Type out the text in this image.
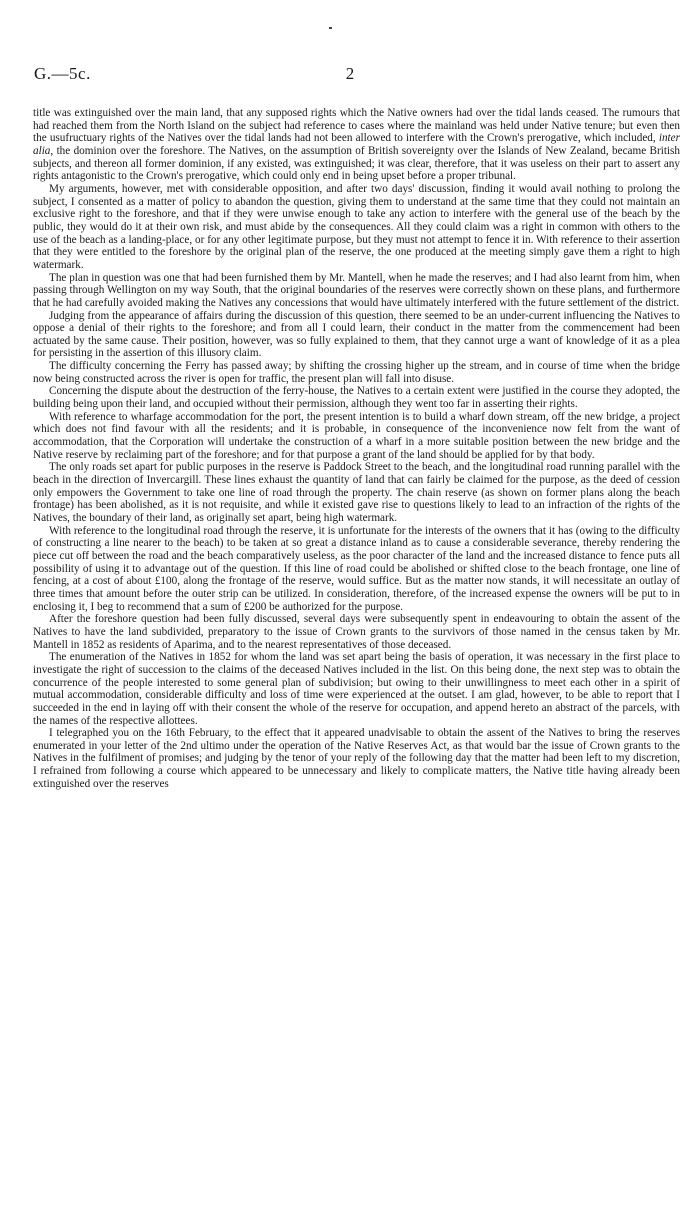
G.—5c.	2

title was extinguished over the main land, that any supposed rights which the Native owners had over the tidal lands ceased. The rumours that had reached them from the North Island on the subject had reference to cases where the mainland was held under Native tenure; but even then the usufructuary rights of the Natives over the tidal lands had not been allowed to interfere with the Crown's prerogative, which included, inter alia, the dominion over the foreshore. The Natives, on the assumption of British sovereignty over the Islands of New Zealand, became British subjects, and thereon all former dominion, if any existed, was extinguished; it was clear, therefore, that it was useless on their part to assert any rights antagonistic to the Crown's prerogative, which could only end in being upset before a proper tribunal.

My arguments, however, met with considerable opposition, and after two days' discussion, finding it would avail nothing to prolong the subject, I consented as a matter of policy to abandon the question, giving them to understand at the same time that they could not maintain an exclusive right to the foreshore, and that if they were unwise enough to take any action to interfere with the general use of the beach by the public, they would do it at their own risk, and must abide by the consequences. All they could claim was a right in common with others to the use of the beach as a landing-place, or for any other legitimate purpose, but they must not attempt to fence it in. With reference to their assertion that they were entitled to the foreshore by the original plan of the reserve, the one produced at the meeting simply gave them a right to high watermark.

The plan in question was one that had been furnished them by Mr. Mantell, when he made the reserves; and I had also learnt from him, when passing through Wellington on my way South, that the original boundaries of the reserves were correctly shown on these plans, and furthermore that he had carefully avoided making the Natives any concessions that would have ultimately interfered with the future settlement of the district.

Judging from the appearance of affairs during the discussion of this question, there seemed to be an under-current influencing the Natives to oppose a denial of their rights to the foreshore; and from all I could learn, their conduct in the matter from the commencement had been actuated by the same cause. Their position, however, was so fully explained to them, that they cannot urge a want of knowledge of it as a plea for persisting in the assertion of this illusory claim.

The difficulty concerning the Ferry has passed away; by shifting the crossing higher up the stream, and in course of time when the bridge now being constructed across the river is open for traffic, the present plan will fall into disuse.

Concerning the dispute about the destruction of the ferry-house, the Natives to a certain extent were justified in the course they adopted, the building being upon their land, and occupied without their permission, although they went too far in asserting their rights.

With reference to wharfage accommodation for the port, the present intention is to build a wharf down stream, off the new bridge, a project which does not find favour with all the residents; and it is probable, in consequence of the inconvenience now felt from the want of accommodation, that the Corporation will undertake the construction of a wharf in a more suitable position between the new bridge and the Native reserve by reclaiming part of the foreshore; and for that purpose a grant of the land should be applied for by that body.

The only roads set apart for public purposes in the reserve is Paddock Street to the beach, and the longitudinal road running parallel with the beach in the direction of Invercargill. These lines exhaust the quantity of land that can fairly be claimed for the purpose, as the deed of cession only empowers the Government to take one line of road through the property. The chain reserve (as shown on former plans along the beach frontage) has been abolished, as it is not requisite, and while it existed gave rise to questions likely to lead to an infraction of the rights of the Natives, the boundary of their land, as originally set apart, being high watermark.

With reference to the longitudinal road through the reserve, it is unfortunate for the interests of the owners that it has (owing to the difficulty of constructing a line nearer to the beach) to be taken at so great a distance inland as to cause a considerable severance, thereby rendering the piece cut off between the road and the beach comparatively useless, as the poor character of the land and the increased distance to fence puts all possibility of using it to advantage out of the question. If this line of road could be abolished or shifted close to the beach frontage, one line of fencing, at a cost of about £100, along the frontage of the reserve, would suffice. But as the matter now stands, it will necessitate an outlay of three times that amount before the outer strip can be utilized. In consideration, therefore, of the increased expense the owners will be put to in enclosing it, I beg to recommend that a sum of £200 be authorized for the purpose.

After the foreshore question had been fully discussed, several days were subsequently spent in endeavouring to obtain the assent of the Natives to have the land subdivided, preparatory to the issue of Crown grants to the survivors of those named in the census taken by Mr. Mantell in 1852 as residents of Aparima, and to the nearest representatives of those deceased.

The enumeration of the Natives in 1852 for whom the land was set apart being the basis of operation, it was necessary in the first place to investigate the right of succession to the claims of the deceased Natives included in the list. On this being done, the next step was to obtain the concurrence of the people interested to some general plan of subdivision; but owing to their unwillingness to meet each other in a spirit of mutual accommodation, considerable difficulty and loss of time were experienced at the outset. I am glad, however, to be able to report that I succeeded in the end in laying off with their consent the whole of the reserve for occupation, and append hereto an abstract of the parcels, with the names of the respective allottees.

I telegraphed you on the 16th February, to the effect that it appeared unadvisable to obtain the assent of the Natives to bring the reserves enumerated in your letter of the 2nd ultimo under the operation of the Native Reserves Act, as that would bar the issue of Crown grants to the Natives in the fulfilment of promises; and judging by the tenor of your reply of the following day that the matter had been left to my discretion, I refrained from following a course which appeared to be unnecessary and likely to complicate matters, the Native title having already been extinguished over the reserves
